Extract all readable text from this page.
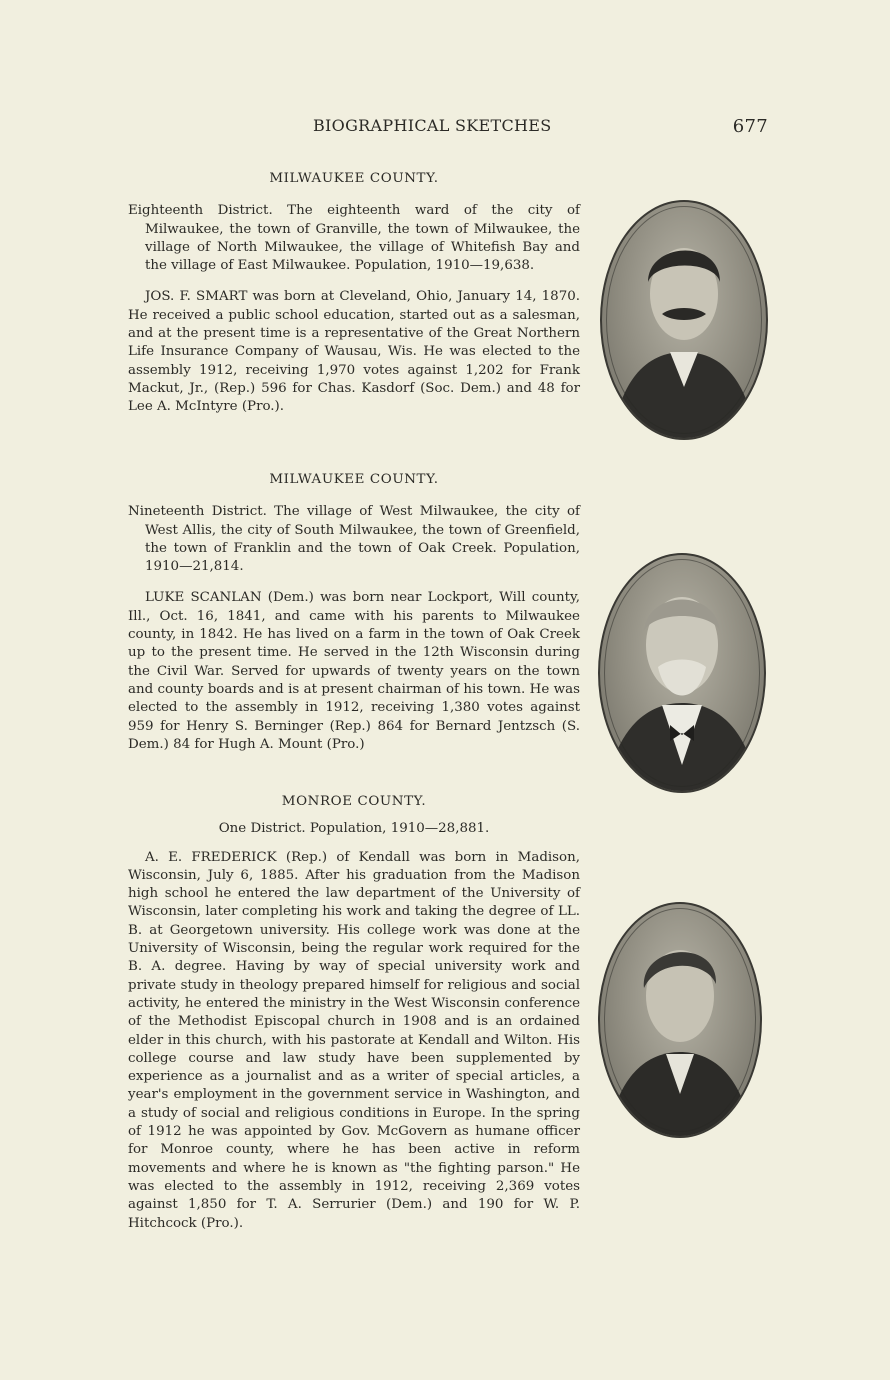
BIOGRAPHICAL SKETCHES	677

MILWAUKEE COUNTY.

Eighteenth District. The eighteenth ward of the city of Milwaukee, the town of Granville, the town of Milwaukee, the village of North Milwaukee, the village of Whitefish Bay and the village of East Milwaukee. Population, 1910—19,638.

JOS. F. SMART was born at Cleveland, Ohio, January 14, 1870. He received a public school education, started out as a salesman, and at the present time is a representative of the Great Northern Life Insurance Company of Wausau, Wis. He was elected to the assembly 1912, receiving 1,970 votes against 1,202 for Frank Mackut, Jr., (Rep.) 596 for Chas. Kasdorf (Soc. Dem.) and 48 for Lee A. McIntyre (Pro.).

MILWAUKEE COUNTY.

Nineteenth District. The village of West Milwaukee, the city of West Allis, the city of South Milwaukee, the town of Greenfield, the town of Franklin and the town of Oak Creek. Population, 1910—21,814.

LUKE SCANLAN (Dem.) was born near Lockport, Will county, Ill., Oct. 16, 1841, and came with his parents to Milwaukee county, in 1842. He has lived on a farm in the town of Oak Creek up to the present time. He served in the 12th Wisconsin during the Civil War. Served for upwards of twenty years on the town and county boards and is at present chairman of his town. He was elected to the assembly in 1912, receiving 1,380 votes against 959 for Henry S. Berninger (Rep.) 864 for Bernard Jentzsch (S. Dem.) 84 for Hugh A. Mount (Pro.)

MONROE COUNTY.

One District. Population, 1910—28,881.

A. E. FREDERICK (Rep.) of Kendall was born in Madison, Wisconsin, July 6, 1885. After his graduation from the Madison high school he entered the law department of the University of Wisconsin, later completing his work and taking the degree of LL. B. at Georgetown university. His college work was done at the University of Wisconsin, being the regular work required for the B. A. degree. Having by way of special university work and private study in theology prepared himself for religious and social activity, he entered the ministry in the West Wisconsin conference of the Methodist Episcopal church in 1908 and is an ordained elder in this church, with his pastorate at Kendall and Wilton. His college course and law study have been supplemented by experience as a journalist and as a writer of special articles, a year's employment in the government service in Washington, and a study of social and religious conditions in Europe. In the spring of 1912 he was appointed by Gov. McGovern as humane officer for Monroe county, where he has been active in reform movements and where he is known as "the fighting parson." He was elected to the assembly in 1912, receiving 2,369 votes against 1,850 for T. A. Serrurier (Dem.) and 190 for W. P. Hitchcock (Pro.).
